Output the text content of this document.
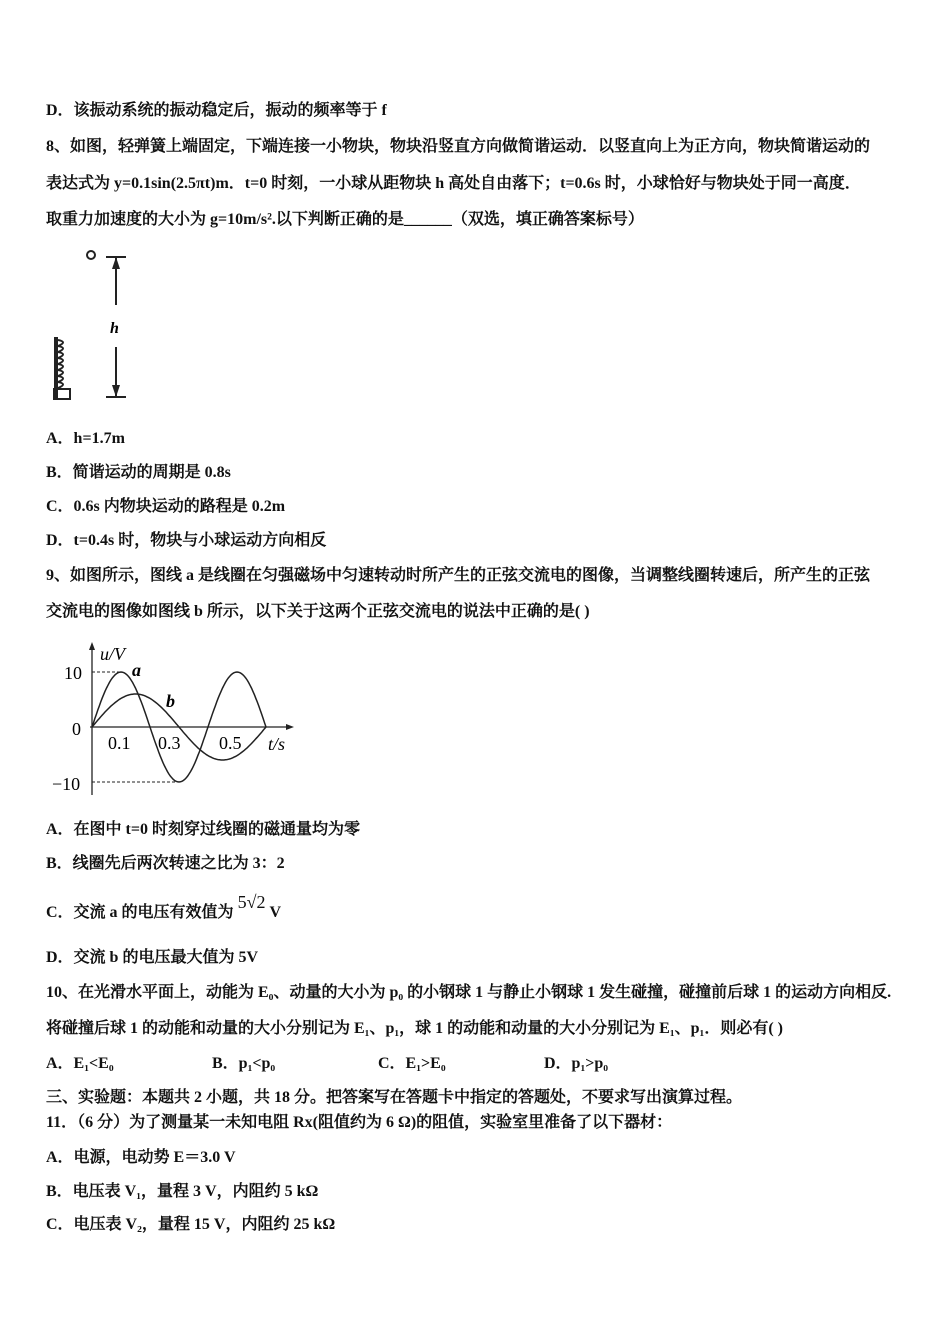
D．该振动系统的振动稳定后，振动的频率等于 f
8、如图，轻弹簧上端固定，下端连接一小物块，物块沿竖直方向做简谐运动．以竖直向上为正方向，物块简谐运动的
表达式为 y=0.1sin(2.5πt)m．t=0 时刻，一小球从距物块 h 高处自由落下；t=0.6s 时，小球恰好与物块处于同一高度．
取重力加速度的大小为 g=10m/s².以下判断正确的是______（双选，填正确答案标号）
h
A．h=1.7m
B．简谐运动的周期是 0.8s
C．0.6s 内物块运动的路程是 0.2m
D．t=0.4s 时，物块与小球运动方向相反
9、如图所示，图线 a 是线圈在匀强磁场中匀速转动时所产生的正弦交流电的图像，当调整线圈转速后，所产生的正弦
交流电的图像如图线 b 所示，以下关于这两个正弦交流电的说法中正确的是( )
u/V
t/s
10
0
−10
0.1 0.3 0.5
a
b
A．在图中 t=0 时刻穿过线圈的磁通量均为零
B．线圈先后两次转速之比为 3：2
C．交流 a 的电压有效值为5√2V
D．交流 b 的电压最大值为 5V
10、在光滑水平面上，动能为 E₀、动量的大小为 p₀ 的小钢球 1 与静止小钢球 1 发生碰撞，碰撞前后球 1 的运动方向相反.
将碰撞后球 1 的动能和动量的大小分别记为 E₁、p₁，球 1 的动能和动量的大小分别记为 E₁、p₁．则必有( )
A．E₁<E₀	B．p₁<p₀	C．E₁>E₀	D．p₁>p₀
三、实验题：本题共 2 小题，共 18 分。把答案写在答题卡中指定的答题处，不要求写出演算过程。
11．（6 分）为了测量某一未知电阻 Rx(阻值约为 6 Ω)的阻值，实验室里准备了以下器材：
A．电源，电动势 E＝3.0 V
B．电压表 V₁，量程 3 V，内阻约 5 kΩ
C．电压表 V₂，量程 15 V，内阻约 25 kΩ
